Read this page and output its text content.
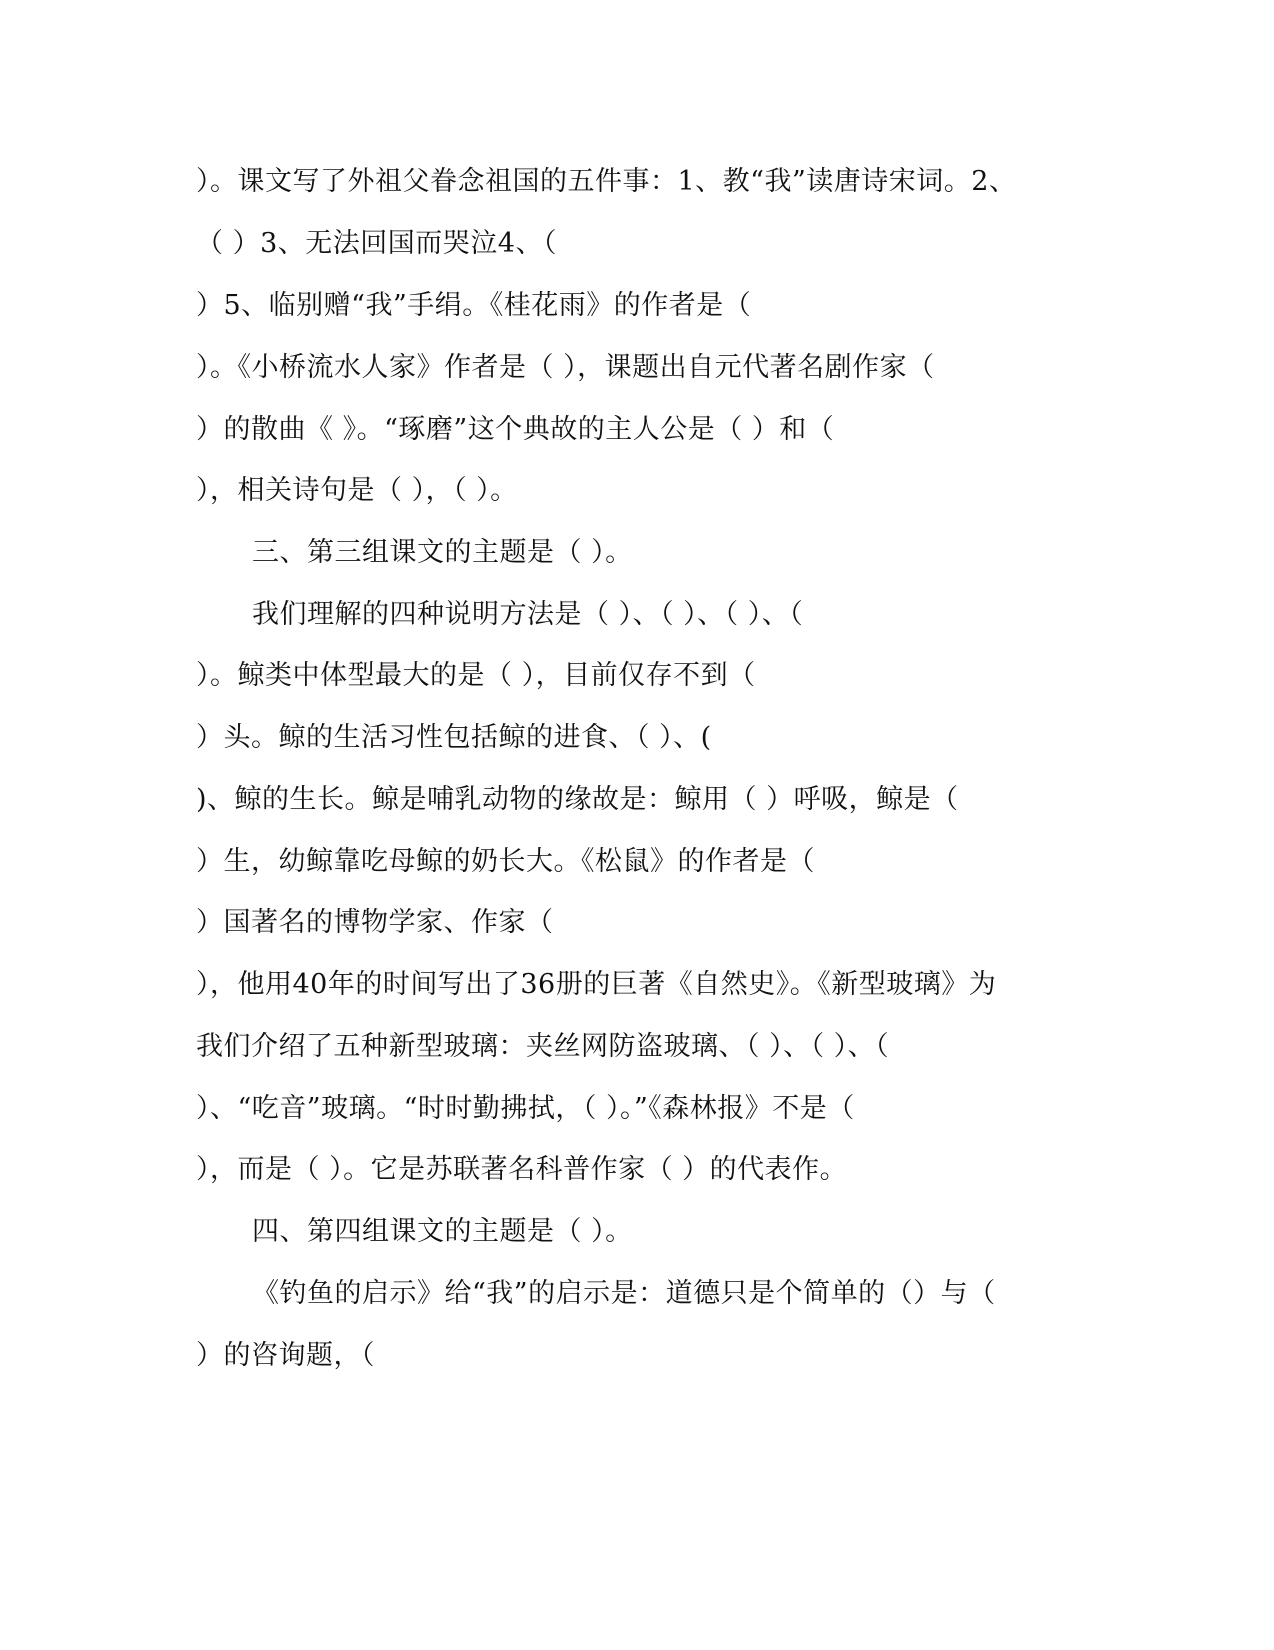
）。课文写了外祖父眷念祖国的五件事：1、教“我”读唐诗宋词。2、
（ ）3、无法回国而哭泣4、（
）5、临别赠“我”手绢。《桂花雨》的作者是（
）。《小桥流水人家》作者是（ ），课题出自元代著名剧作家（
）的散曲《 》。“琢磨”这个典故的主人公是（ ）和（
），相关诗句是（ ），（ ）。
三、第三组课文的主题是（ ）。
我们理解的四种说明方法是（ ）、（ ）、（ ）、（
）。鲸类中体型最大的是（ ），目前仅存不到（
）头。鲸的生活习性包括鲸的进食、（ ）、(
)、鲸的生长。鲸是哺乳动物的缘故是：鲸用（ ）呼吸，鲸是（
）生，幼鲸靠吃母鲸的奶长大。《松鼠》的作者是（
）国著名的博物学家、作家（
），他用40年的时间写出了36册的巨著《自然史》。《新型玻璃》为
我们介绍了五种新型玻璃：夹丝网防盗玻璃、（ ）、（ ）、（
）、“吃音”玻璃。“时时勤拂拭，（ ）。”《森林报》不是（
），而是（ ）。它是苏联著名科普作家（ ）的代表作。
四、第四组课文的主题是（ ）。
《钓鱼的启示》给“我”的启示是：道德只是个简单的（）与（
）的咨询题，（
